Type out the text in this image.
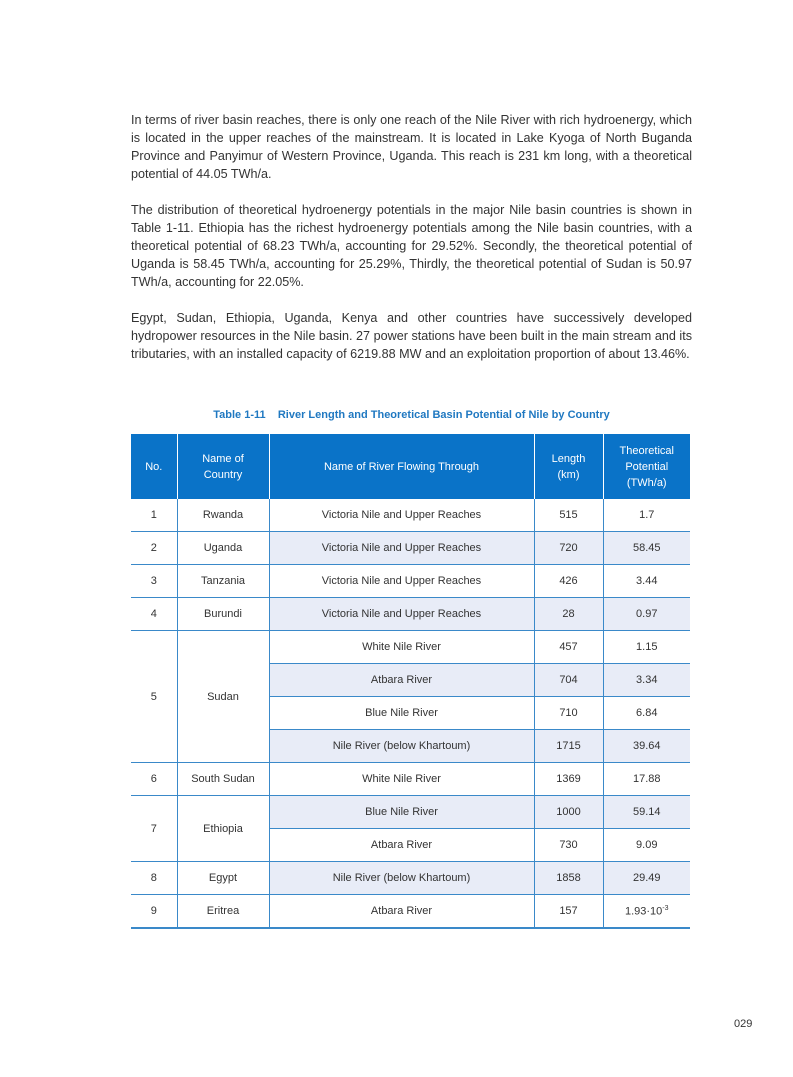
In terms of river basin reaches, there is only one reach of the Nile River with rich hydroenergy, which is located in the upper reaches of the mainstream. It is located in Lake Kyoga of North Buganda Province and Panyimur of Western Province, Uganda. This reach is 231 km long, with a theoretical potential of 44.05 TWh/a.

The distribution of theoretical hydroenergy potentials in the major Nile basin countries is shown in Table 1-11. Ethiopia has the richest hydroenergy potentials among the Nile basin countries, with a theoretical potential of 68.23 TWh/a, accounting for 29.52%. Secondly, the theoretical potential of Uganda is 58.45 TWh/a, accounting for 25.29%, Thirdly, the theoretical potential of Sudan is 50.97 TWh/a, accounting for 22.05%.

Egypt, Sudan, Ethiopia, Uganda, Kenya and other countries have successively developed hydropower resources in the Nile basin. 27 power stations have been built in the main stream and its tributaries, with an installed capacity of 6219.88 MW and an exploitation proportion of about 13.46%.

Table 1-11    River Length and Theoretical Basin Potential of Nile by Country
No.	Name of Country	Name of River Flowing Through	Length (km)	Theoretical Potential (TWh/a)
1	Rwanda	Victoria Nile and Upper Reaches	515	1.7
2	Uganda	Victoria Nile and Upper Reaches	720	58.45
3	Tanzania	Victoria Nile and Upper Reaches	426	3.44
4	Burundi	Victoria Nile and Upper Reaches	28	0.97
5	Sudan	White Nile River	457	1.15
		Atbara River	704	3.34
		Blue Nile River	710	6.84
		Nile River (below Khartoum)	1715	39.64
6	South Sudan	White Nile River	1369	17.88
7	Ethiopia	Blue Nile River	1000	59.14
		Atbara River	730	9.09
8	Egypt	Nile River (below Khartoum)	1858	29.49
9	Eritrea	Atbara River	157	$1.93\cdot 10^{-3}$
029
